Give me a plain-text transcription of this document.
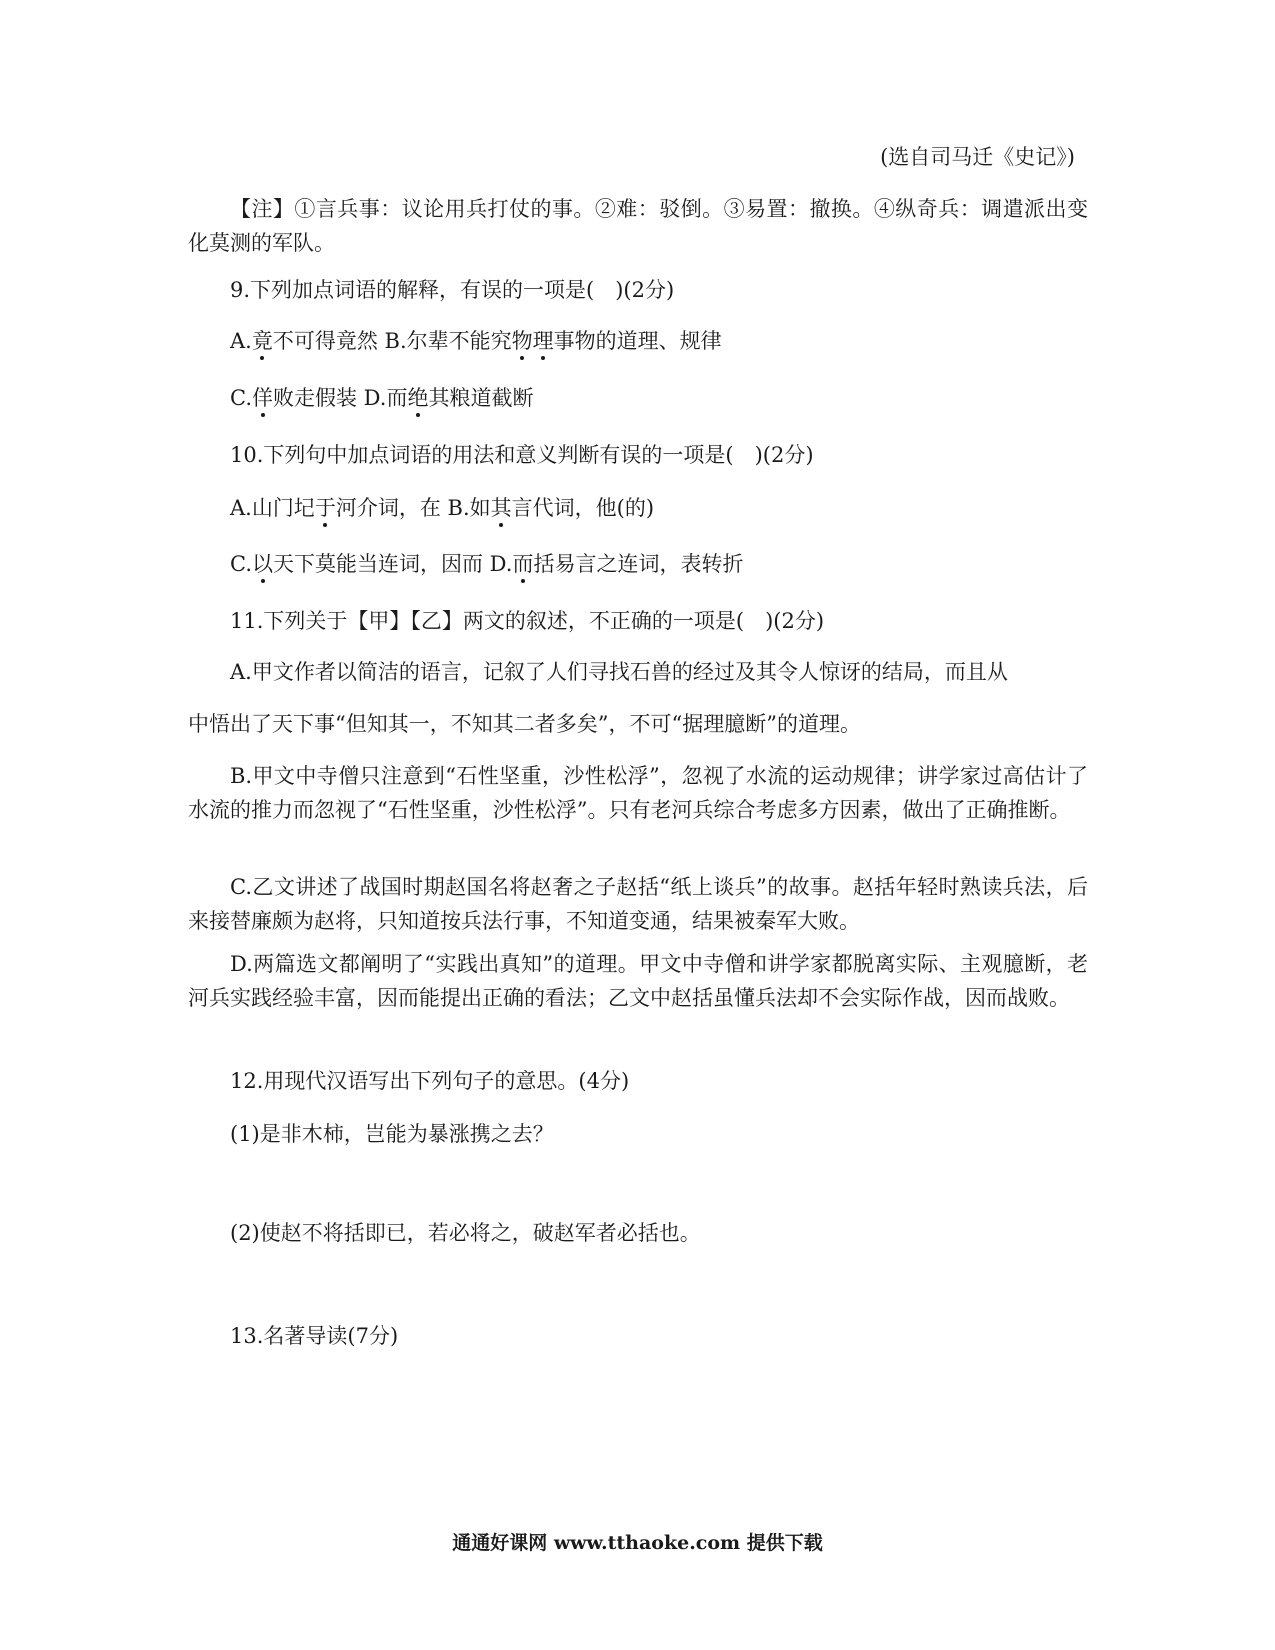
(选自司马迁《史记》)
【注】①言兵事：议论用兵打仗的事。②难：驳倒。③易置：撤换。④纵奇兵：调遣派出变化莫测的军队。
9.下列加点词语的解释，有误的一项是(　)(2分)
A.竟不可得竟然 B.尔辈不能究物理事物的道理、规律
C.佯败走假装 D.而绝其粮道截断
10.下列句中加点词语的用法和意义判断有误的一项是(　)(2分)
A.山门圮于河介词，在 B.如其言代词，他(的)
C.以天下莫能当连词，因而 D.而括易言之连词，表转折
11.下列关于【甲】【乙】两文的叙述，不正确的一项是(　)(2分)
A.甲文作者以简洁的语言，记叙了人们寻找石兽的经过及其令人惊讶的结局，而且从
中悟出了天下事“但知其一，不知其二者多矣”，不可“据理臆断”的道理。
B.甲文中寺僧只注意到“石性坚重，沙性松浮”，忽视了水流的运动规律；讲学家过高估计了水流的推力而忽视了“石性坚重，沙性松浮”。只有老河兵综合考虑多方因素，做出了正确推断。
C.乙文讲述了战国时期赵国名将赵奢之子赵括“纸上谈兵”的故事。赵括年轻时熟读兵法，后来接替廉颇为赵将，只知道按兵法行事，不知道变通，结果被秦军大败。
D.两篇选文都阐明了“实践出真知”的道理。甲文中寺僧和讲学家都脱离实际、主观臆断，老河兵实践经验丰富，因而能提出正确的看法；乙文中赵括虽懂兵法却不会实际作战，因而战败。
12.用现代汉语写出下列句子的意思。(4分)
(1)是非木柿，岂能为暴涨携之去？
(2)使赵不将括即已，若必将之，破赵军者必括也。
13.名著导读(7分)
通通好课网 www.tthaoke.com 提供下载
